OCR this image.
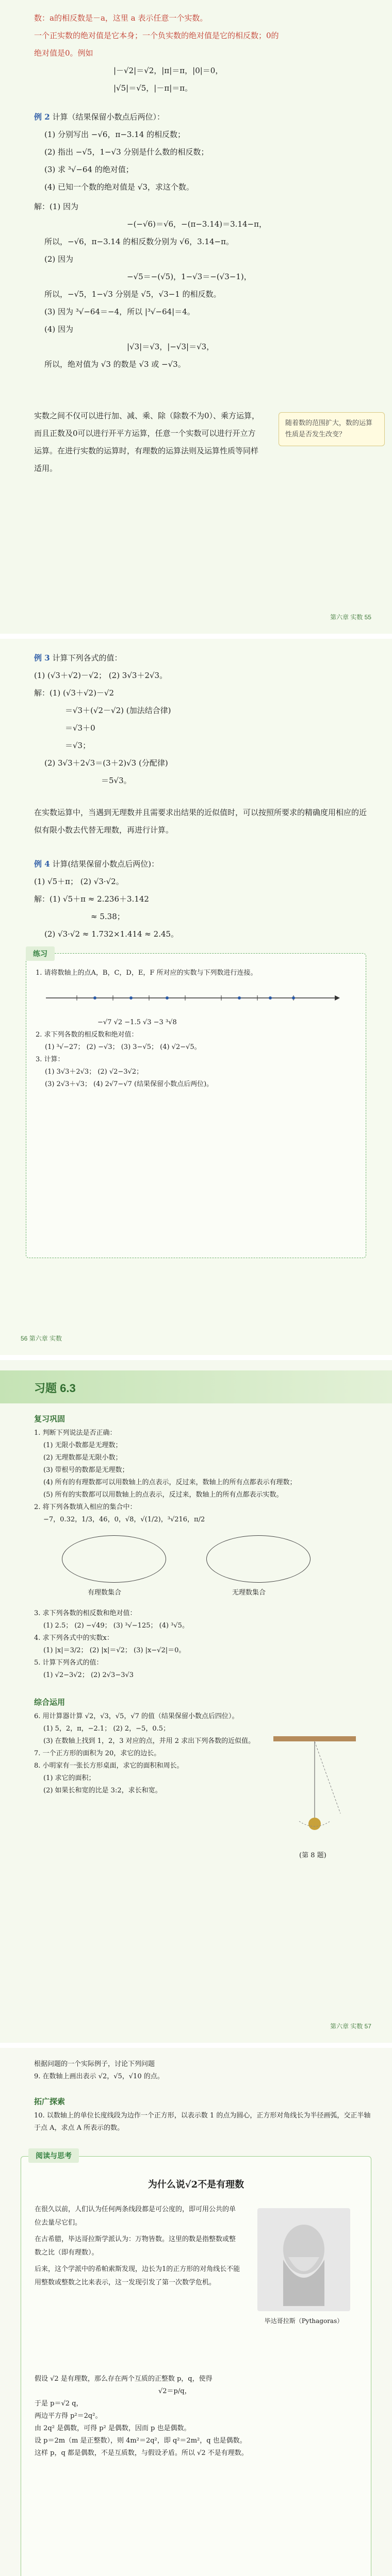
数：a的相反数是－a，这里 a 表示任意一个实数。
一个正实数的绝对值是它本身；一个负实数的绝对值是它的相反数；0的
绝对值是0。例如
|－√2|＝√2，|π|＝π，|0|＝0，
|√5|＝√5，|－π|＝π。
例 2 计算（结果保留小数点后两位）：
(1) 分别写出 −√6，π−3.14 的相反数；
(2) 指出 −√5，1−√3 分别是什么数的相反数；
(3) 求 ³√−64 的绝对值；
(4) 已知一个数的绝对值是 √3，求这个数。
解：(1) 因为
−(−√6)＝√6，−(π−3.14)＝3.14−π，
所以，−√6，π−3.14 的相反数分别为 √6，3.14−π。
(2) 因为
−√5＝−(√5)，1−√3＝−(√3−1)，
所以，−√5，1−√3 分别是 √5，√3−1 的相反数。
(3) 因为 ³√−64＝−4，所以 |³√−64|＝4。
(4) 因为
|√3|＝√3，|−√3|＝√3，
所以，绝对值为 √3 的数是 √3 或 −√3。
实数之间不仅可以进行加、减、乘、除（除数不为0）、乘方运算，而且正数及0可以进行开平方运算，任意一个实数可以进行开立方运算。在进行实数的运算时，有理数的运算法则及运算性质等同样适用。
随着数的范围扩大，数的运算性质是否发生改变？
第六章 实数 55
例 3 计算下列各式的值：
(1) (√3＋√2)－√2； (2) 3√3＋2√3。
解：(1) (√3＋√2)－√2
＝√3＋(√2－√2) (加法结合律)
＝√3＋0
＝√3；
(2) 3√3＋2√3＝(3＋2)√3 (分配律)
＝5√3。
在实数运算中，当遇到无理数并且需要求出结果的近似值时，可以按照所要求的精确度用相应的近似有限小数去代替无理数，再进行计算。
例 4 计算(结果保留小数点后两位)：
(1) √5＋π； (2) √3·√2。
解：(1) √5＋π ≈ 2.236＋3.142
≈ 5.38；
(2) √3·√2 ≈ 1.732×1.414 ≈ 2.45。
练习
1. 请将数轴上的点A，B，C，D，E，F 所对应的实数与下列数进行连接。
−√7 √2 −1.5 √3 −3 ³√8
2. 求下列各数的相反数和绝对值：
(1) ³√−27； (2) −√3； (3) 3−√5； (4) √2−√5。
3. 计算：
(1) 3√3＋2√3； (2) √2−3√2；
(3) 2√3＋√3； (4) 2√7−√7 (结果保留小数点后两位)。
56 第六章 实数
习题 6.3
复习巩固
1. 判断下列说法是否正确：
(1) 无限小数都是无理数；
(2) 无理数都是无限小数；
(3) 带根号的数都是无理数；
(4) 所有的有理数都可以用数轴上的点表示，反过来，数轴上的所有点都表示有理数；
(5) 所有的实数都可以用数轴上的点表示，反过来，数轴上的所有点都表示实数。
2. 将下列各数填入相应的集合中：
−7，0.32，1/3，46，0，√8，√(1/2)，³√216，π/2
有理数集合	无理数集合
3. 求下列各数的相反数和绝对值：
(1) 2.5； (2) −√49； (3) ³√−125； (4) ³√5。
4. 求下列各式中的实数x：
(1) |x|＝3/2； (2) |x|＝√2； (3) |x−√2|＝0。
5. 计算下列各式的值：
(1) √2−3√2； (2) 2√3−3√3
综合运用
6. 用计算器计算 √2，√3，√5，√7 的值（结果保留小数点后四位）。
(1) 5，2，π，−2.1； (2) 2，−5，0.5；
(3) 在数轴上找到 1，2，3 对应的点，并用 2 求出下列各数的近似值。
7. 一个正方形的面积为 20，求它的边长。
8. 小明家有一张长方形桌面，求它的面积和周长。
(1) 求它的面积；
(2) 如果长和宽的比是 3:2，求长和宽。
(第 8 题)
第六章 实数 57
根据问题的一个实际例子，讨论下列问题
9. 在数轴上画出表示 √2，√5，√10 的点。
拓广探索
10. 以数轴上的单位长度线段为边作一个正方形，以表示数 1 的点为圆心，正方形对角线长为半径画弧，交正半轴于点 A，求点 A 所表示的数。
阅读与思考
为什么说√2不是有理数
在很久以前，人们认为任何两条线段都是可公度的，即可用公共的单位去量尽它们。
在古希腊，毕达哥拉斯学派认为：万物皆数。这里的数是指整数或整数之比（即有理数）。
后来，这个学派中的希帕索斯发现，边长为1的正方形的对角线长不能用整数或整数之比来表示，这一发现引发了第一次数学危机。
毕达哥拉斯（Pythagoras）
假设 √2 是有理数，那么存在两个互质的正整数 p，q，使得
√2＝p/q，
于是 p＝√2 q，
两边平方得 p²＝2q²。
由 2q² 是偶数，可得 p² 是偶数，因而 p 也是偶数。
设 p＝2m（m 是正整数），则 4m²＝2q²，即 q²＝2m²，q 也是偶数。
这样 p，q 都是偶数，不是互质数，与假设矛盾。所以 √2 不是有理数。
